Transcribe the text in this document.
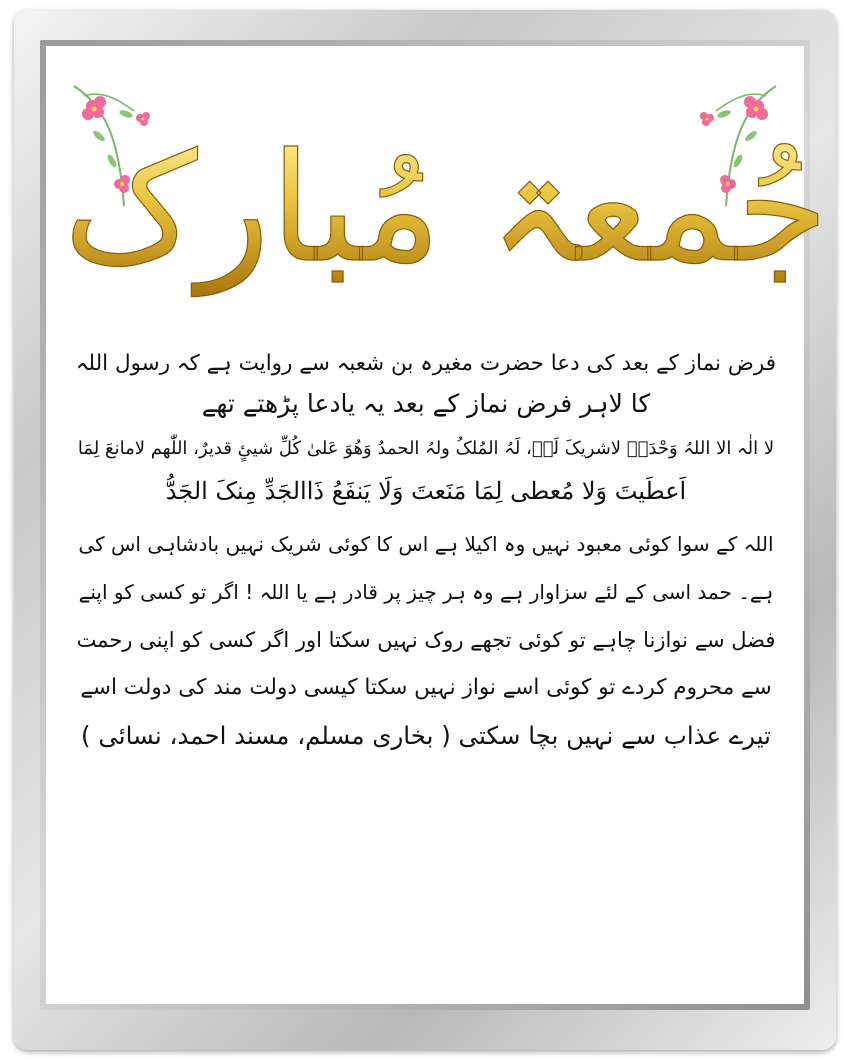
جُمعۃ مُبارک
فرض نماز کے بعد کی دعا حضرت مغیرہ بن شعبہ سے روایت ہے کہ رسول اللہ
کا لاہر فرض نماز کے بعد یہ یادعا پڑھتے تھے
لا الٰہ الا اللہُ وَحْدَہٗ لاشریکَ لَہٗ، لَہُ المُلکُ ولہُ الحمدُ وَھُوَ عَلیٰ کُلِّ شیئٍ قدیرٌ، اللّٰھم لامانعَ لِمَا
اَعطَیتَ وَلا مُعطی لِمَا مَنَعتَ وَلَا یَنفَعُ ذَاالجَدِّ مِنکَ الجَدُّ
اللہ کے سوا کوئی معبود نہیں وہ اکیلا ہے اس کا کوئی شریک نہیں بادشاہی اس کی
ہے۔ حمد اسی کے لئے سزاوار ہے وہ ہر چیز پر قادر ہے یا اللہ ! اگر تو کسی کو اپنے
فضل سے نوازنا چاہے تو کوئی تجھے روک نہیں سکتا اور اگر کسی کو اپنی رحمت
سے محروم کردے تو کوئی اسے نواز نہیں سکتا کیسی دولت مند کی دولت اسے
تیرے عذاب سے نہیں بچا سکتی ( بخاری مسلم، مسند احمد، نسائی )
